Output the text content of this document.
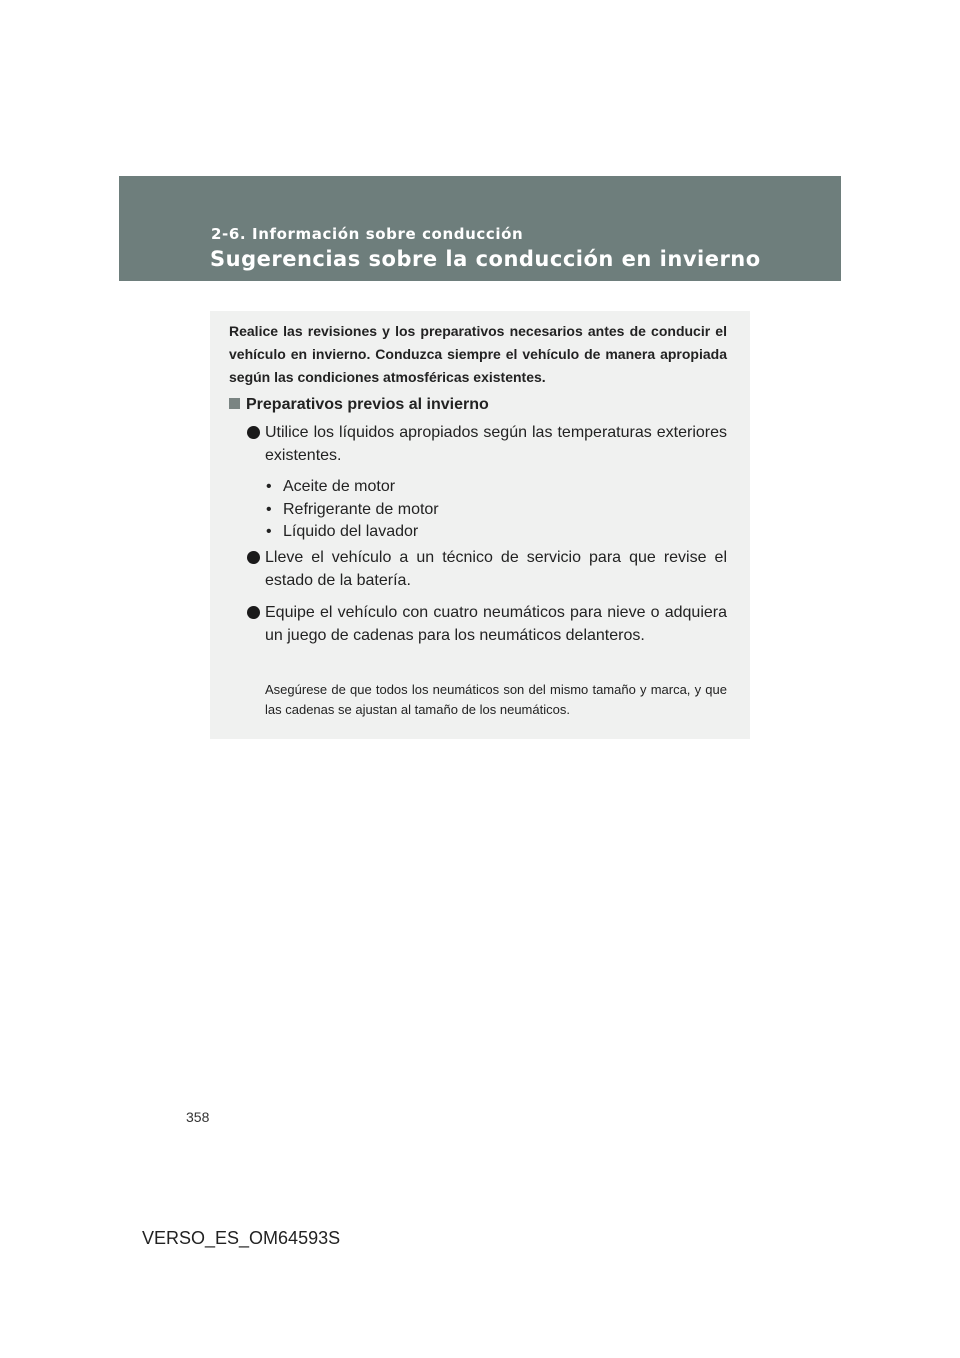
2-6. Información sobre conducción
Sugerencias sobre la conducción en invierno
Realice las revisiones y los preparativos necesarios antes de conducir el vehículo en invierno. Conduzca siempre el vehículo de manera apropiada según las condiciones atmosféricas existentes.
Preparativos previos al invierno
Utilice los líquidos apropiados según las temperaturas exteriores existentes.
• Aceite de motor
• Refrigerante de motor
• Líquido del lavador
Lleve el vehículo a un técnico de servicio para que revise el estado de la batería.
Equipe el vehículo con cuatro neumáticos para nieve o adquiera un juego de cadenas para los neumáticos delanteros.
Asegúrese de que todos los neumáticos son del mismo tamaño y marca, y que las cadenas se ajustan al tamaño de los neumáticos.
358
VERSO_ES_OM64593S
